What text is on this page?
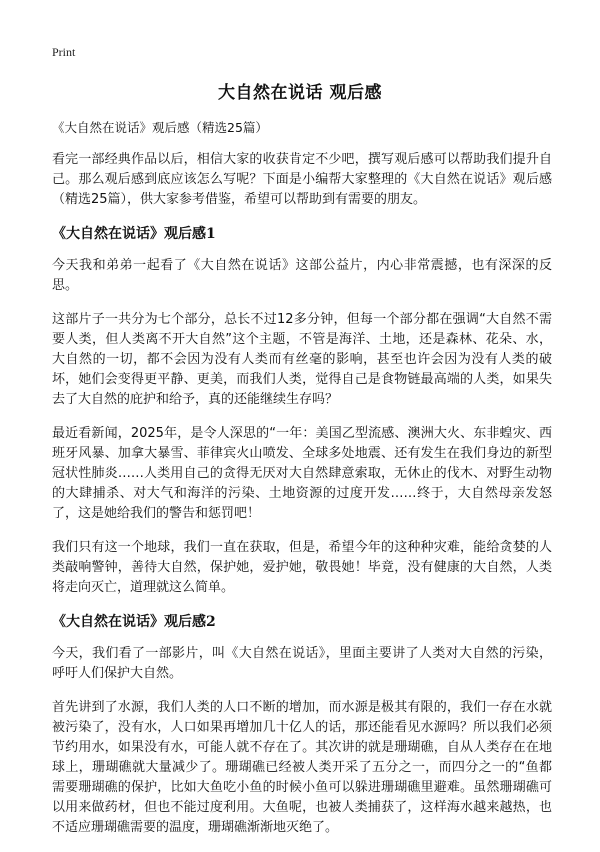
Print
大自然在说话 观后感
《大自然在说话》观后感（精选25篇）

看完一部经典作品以后，相信大家的收获肯定不少吧，撰写观后感可以帮助我们提升自己。那么观后感到底应该怎么写呢？下面是小编帮大家整理的《大自然在说话》观后感（精选25篇），供大家参考借鉴，希望可以帮助到有需要的朋友。

《大自然在说话》观后感1

今天我和弟弟一起看了《大自然在说话》这部公益片，内心非常震撼，也有深深的反思。

这部片子一共分为七个部分，总长不过12多分钟，但每一个部分都在强调“大自然不需要人类，但人类离不开大自然”这个主题，不管是海洋、土地，还是森林、花朵、水，大自然的一切，都不会因为没有人类而有丝毫的影响，甚至也许会因为没有人类的破坏，她们会变得更平静、更美，而我们人类，觉得自己是食物链最高端的人类，如果失去了大自然的庇护和给予，真的还能继续生存吗？

最近看新闻，2025年，是令人深思的“一年：美国乙型流感、澳洲大火、东非蝗灾、西班牙风暴、加拿大暴雪、菲律宾火山喷发、全球多处地震、还有发生在我们身边的新型冠状性肺炎……人类用自己的贪得无厌对大自然肆意索取，无休止的伐木、对野生动物的大肆捕杀、对大气和海洋的污染、土地资源的过度开发……终于，大自然母亲发怒了，这是她给我们的警告和惩罚吧！

我们只有这一个地球，我们一直在获取，但是，希望今年的这种种灾难，能给贪婪的人类敲响警钟，善待大自然，保护她，爱护她，敬畏她！毕竟，没有健康的大自然，人类将走向灭亡，道理就这么简单。

《大自然在说话》观后感2

今天，我们看了一部影片，叫《大自然在说话》，里面主要讲了人类对大自然的污染，呼吁人们保护大自然。

首先讲到了水源，我们人类的人口不断的增加，而水源是极其有限的，我们一存在水就被污染了，没有水，人口如果再增加几十亿人的话，那还能看见水源吗？所以我们必须节约用水，如果没有水，可能人就不存在了。其次讲的就是珊瑚礁，自从人类存在在地球上，珊瑚礁就大量减少了。珊瑚礁已经被人类开采了五分之一，而四分之一的“鱼都需要珊瑚礁的保护，比如大鱼吃小鱼的时候小鱼可以躲进珊瑚礁里避难。虽然珊瑚礁可以用来做药材，但也不能过度利用。大鱼呢，也被人类捕获了，这样海水越来越热，也不适应珊瑚礁需要的温度，珊瑚礁渐渐地灭绝了。
